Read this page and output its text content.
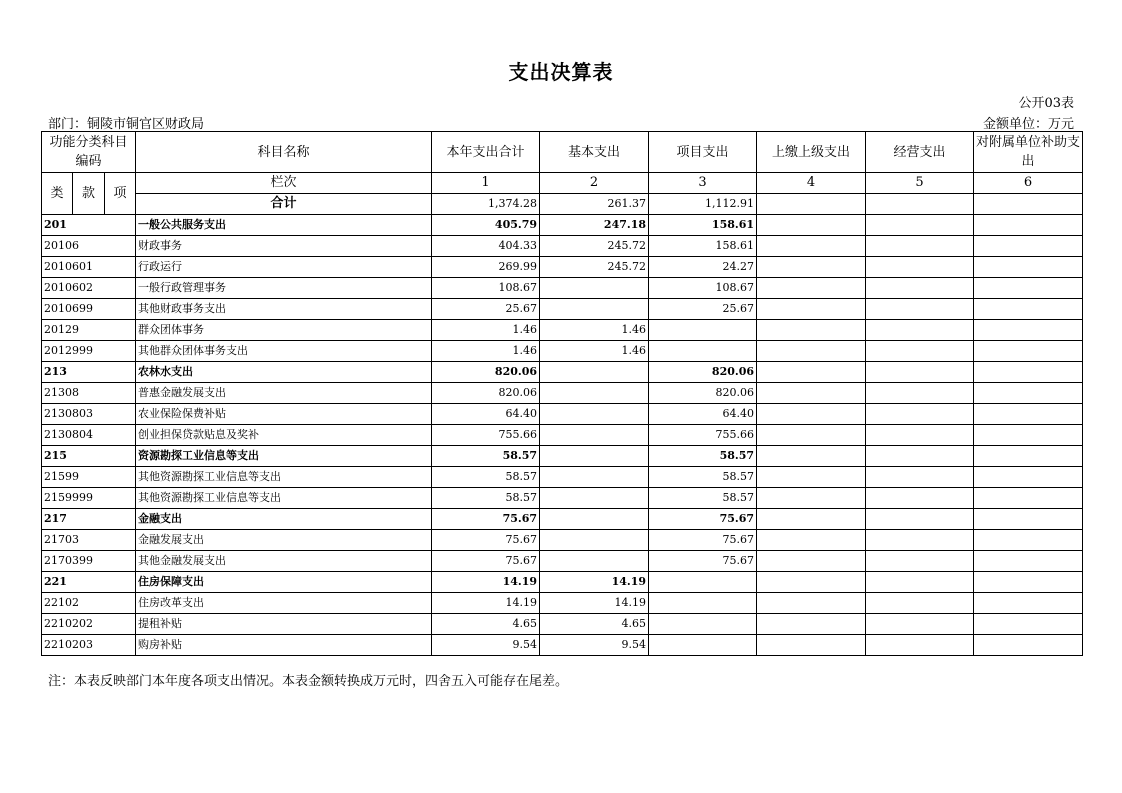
支出决算表
公开03表
部门：铜陵市铜官区财政局	金额单位：万元
功能分类科目编码			科目名称	本年支出合计	基本支出	项目支出	上缴上级支出	经营支出	对附属单位补助支出
类	款	项	栏次	1	2	3	4	5	6
			合计	1,374.28	261.37	1,112.91			
201			一般公共服务支出	405.79	247.18	158.61			
20106			财政事务	404.33	245.72	158.61			
2010601			行政运行	269.99	245.72	24.27			
2010602			一般行政管理事务	108.67		108.67			
2010699			其他财政事务支出	25.67		25.67			
20129			群众团体事务	1.46	1.46				
2012999			其他群众团体事务支出	1.46	1.46				
213			农林水支出	820.06		820.06			
21308			普惠金融发展支出	820.06		820.06			
2130803			农业保险保费补贴	64.40		64.40			
2130804			创业担保贷款贴息及奖补	755.66		755.66			
215			资源勘探工业信息等支出	58.57		58.57			
21599			其他资源勘探工业信息等支出	58.57		58.57			
2159999			其他资源勘探工业信息等支出	58.57		58.57			
217			金融支出	75.67		75.67			
21703			金融发展支出	75.67		75.67			
2170399			其他金融发展支出	75.67		75.67			
221			住房保障支出	14.19	14.19				
22102			住房改革支出	14.19	14.19				
2210202			提租补贴	4.65	4.65				
2210203			购房补贴	9.54	9.54				
注：本表反映部门本年度各项支出情况。本表金额转换成万元时，四舍五入可能存在尾差。
